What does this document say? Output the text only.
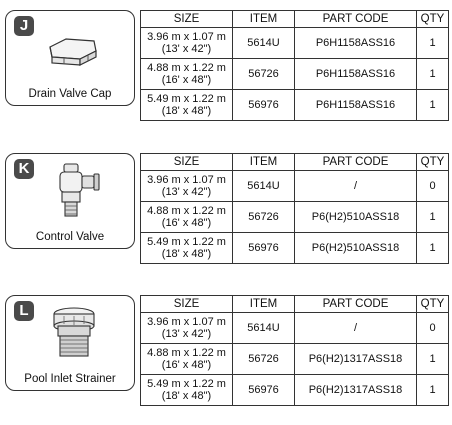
J
Drain Valve Cap
SIZE	ITEM	PART CODE	QTY
3.96 m x 1.07 m
(13' x 42")	5614U	P6H1158ASS16	1
4.88 m x 1.22 m
(16' x 48")	56726	P6H1158ASS16	1
5.49 m x 1.22 m
(18' x 48")	56976	P6H1158ASS16	1
K
Control Valve
SIZE	ITEM	PART CODE	QTY
3.96 m x 1.07 m
(13' x 42")	5614U	/	0
4.88 m x 1.22 m
(16' x 48")	56726	P6(H2)510ASS18	1
5.49 m x 1.22 m
(18' x 48")	56976	P6(H2)510ASS18	1
L
Pool Inlet Strainer
SIZE	ITEM	PART CODE	QTY
3.96 m x 1.07 m
(13' x 42")	5614U	/	0
4.88 m x 1.22 m
(16' x 48")	56726	P6(H2)1317ASS18	1
5.49 m x 1.22 m
(18' x 48")	56976	P6(H2)1317ASS18	1
